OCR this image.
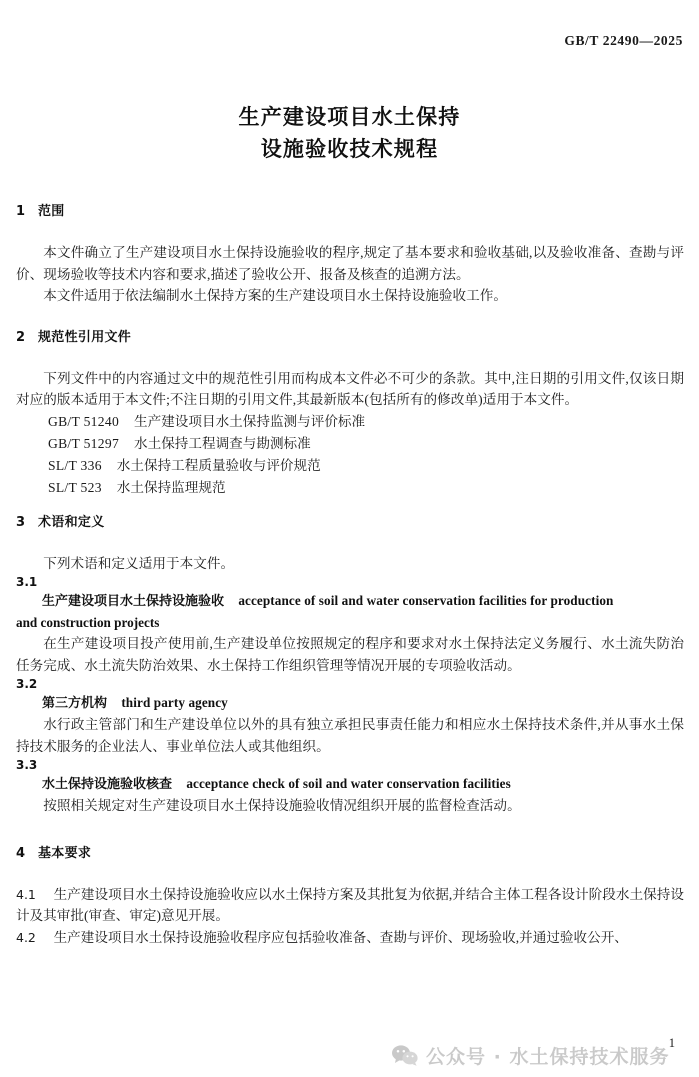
GB/T 22490—2025
生产建设项目水土保持
设施验收技术规程
1 范围

本文件确立了生产建设项目水土保持设施验收的程序,规定了基本要求和验收基础,以及验收准备、查勘与评价、现场验收等技术内容和要求,描述了验收公开、报备及核查的追溯方法。

本文件适用于依法编制水土保持方案的生产建设项目水土保持设施验收工作。

2 规范性引用文件

下列文件中的内容通过文中的规范性引用而构成本文件必不可少的条款。其中,注日期的引用文件,仅该日期对应的版本适用于本文件;不注日期的引用文件,其最新版本(包括所有的修改单)适用于本文件。

GB/T 51240 生产建设项目水土保持监测与评价标准

GB/T 51297 水土保持工程调查与勘测标准

SL/T 336 水土保持工程质量验收与评价规范

SL/T 523 水土保持监理规范

3 术语和定义

下列术语和定义适用于本文件。

3.1

生产建设项目水土保持设施验收 acceptance of soil and water conservation facilities for production

and construction projects

在生产建设项目投产使用前,生产建设单位按照规定的程序和要求对水土保持法定义务履行、水土流失防治任务完成、水土流失防治效果、水土保持工作组织管理等情况开展的专项验收活动。

3.2

第三方机构 third party agency

水行政主管部门和生产建设单位以外的具有独立承担民事责任能力和相应水土保持技术条件,并从事水土保持技术服务的企业法人、事业单位法人或其他组织。

3.3

水土保持设施验收核查 acceptance check of soil and water conservation facilities

按照相关规定对生产建设项目水土保持设施验收情况组织开展的监督检查活动。

4 基本要求

4.1 生产建设项目水土保持设施验收应以水土保持方案及其批复为依据,并结合主体工程各设计阶段水土保持设计及其审批(审查、审定)意见开展。

4.2 生产建设项目水土保持设施验收程序应包括验收准备、查勘与评价、现场验收,并通过验收公开、

1
公众号 · 水土保持技术服务
